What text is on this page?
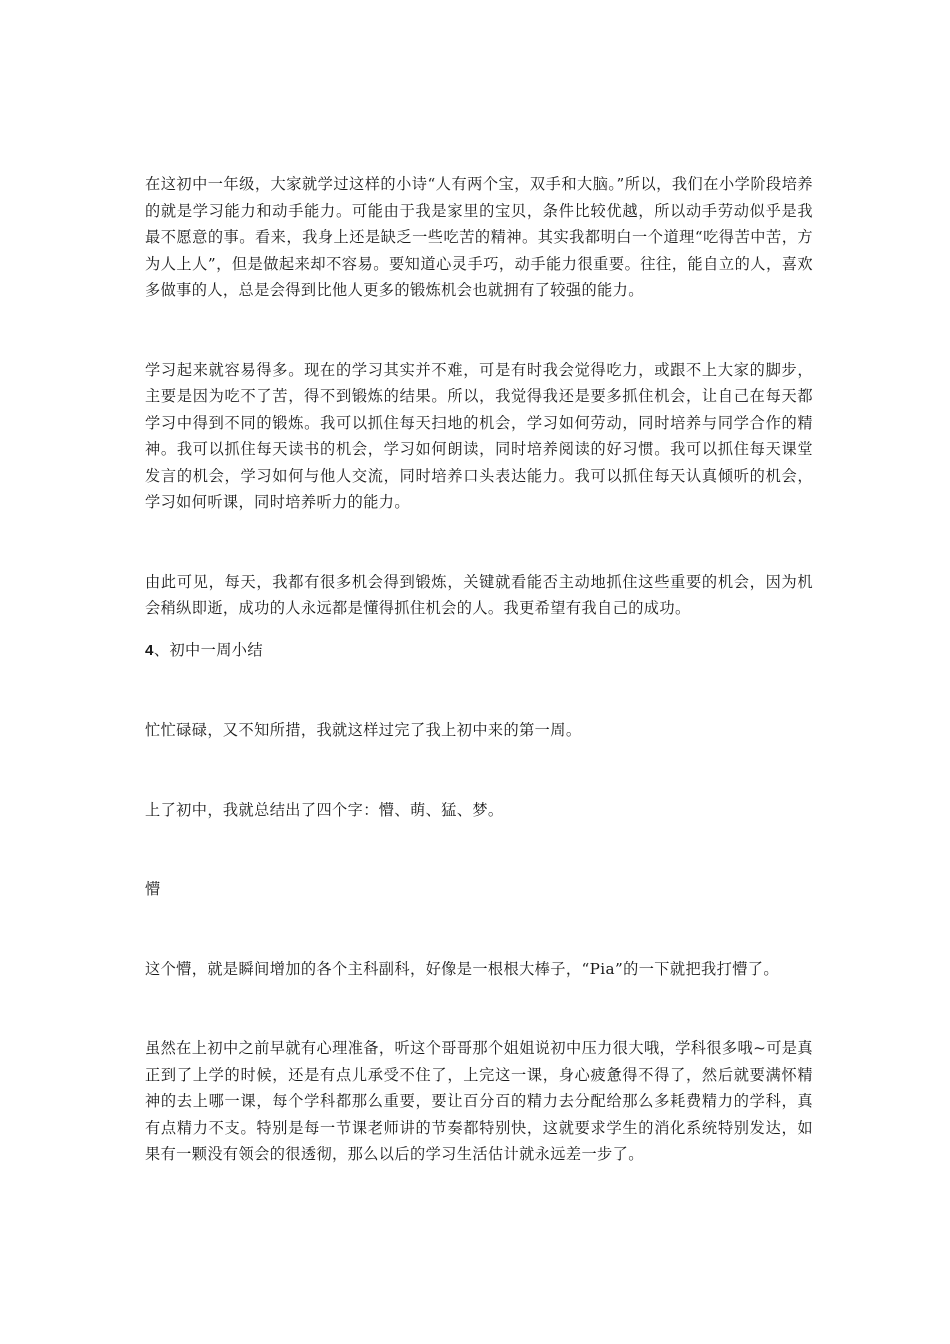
在这初中一年级，大家就学过这样的小诗“人有两个宝，双手和大脑。”所以，我们在小学阶段培养的就是学习能力和动手能力。可能由于我是家里的宝贝，条件比较优越，所以动手劳动似乎是我最不愿意的事。看来，我身上还是缺乏一些吃苦的精神。其实我都明白一个道理“吃得苦中苦，方为人上人”，但是做起来却不容易。要知道心灵手巧，动手能力很重要。往往，能自立的人，喜欢多做事的人，总是会得到比他人更多的锻炼机会也就拥有了较强的能力。

学习起来就容易得多。现在的学习其实并不难，可是有时我会觉得吃力，或跟不上大家的脚步，主要是因为吃不了苦，得不到锻炼的结果。所以，我觉得我还是要多抓住机会，让自己在每天都学习中得到不同的锻炼。我可以抓住每天扫地的机会，学习如何劳动，同时培养与同学合作的精神。我可以抓住每天读书的机会，学习如何朗读，同时培养阅读的好习惯。我可以抓住每天课堂发言的机会，学习如何与他人交流，同时培养口头表达能力。我可以抓住每天认真倾听的机会，学习如何听课，同时培养听力的能力。

由此可见，每天，我都有很多机会得到锻炼，关键就看能否主动地抓住这些重要的机会，因为机会稍纵即逝，成功的人永远都是懂得抓住机会的人。我更希望有我自己的成功。

4、初中一周小结

忙忙碌碌，又不知所措，我就这样过完了我上初中来的第一周。

上了初中，我就总结出了四个字：懵、萌、猛、梦。

懵

这个懵，就是瞬间增加的各个主科副科，好像是一根根大棒子，“Pia”的一下就把我打懵了。

虽然在上初中之前早就有心理准备，听这个哥哥那个姐姐说初中压力很大哦，学科很多哦~可是真正到了上学的时候，还是有点儿承受不住了，上完这一课，身心疲惫得不得了，然后就要满怀精神的去上哪一课，每个学科都那么重要，要让百分百的精力去分配给那么多耗费精力的学科，真有点精力不支。特别是每一节课老师讲的节奏都特别快，这就要求学生的消化系统特别发达，如果有一颗没有领会的很透彻，那么以后的学习生活估计就永远差一步了。
